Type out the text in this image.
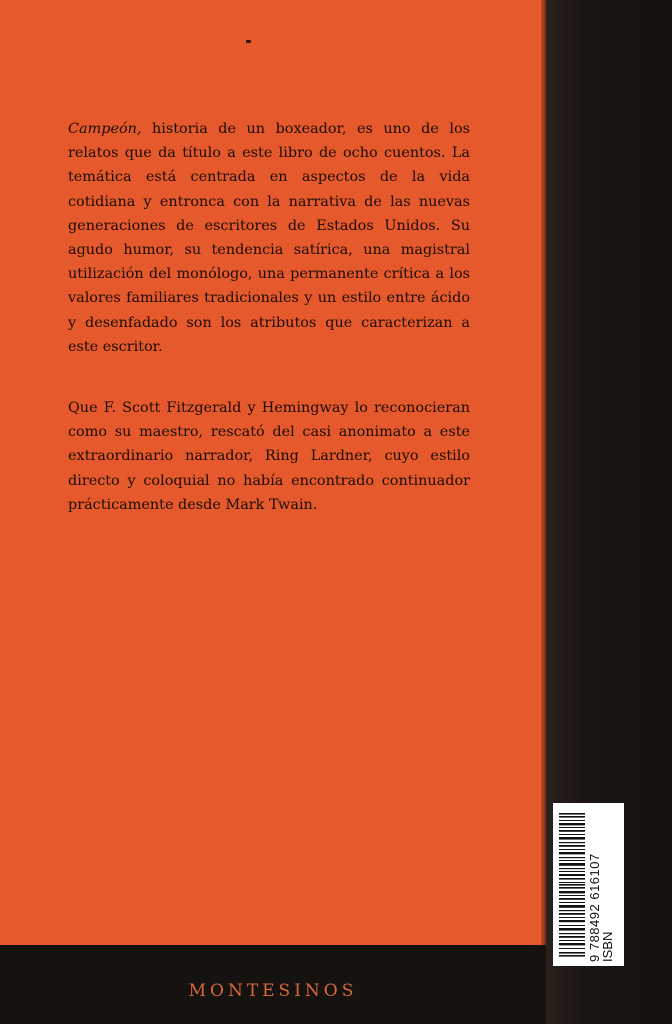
Campeón, historia de un boxeador, es uno de los relatos que da título a este libro de ocho cuentos. La temática está centrada en aspectos de la vida cotidiana y entronca con la narrativa de las nuevas generaciones de escritores de Estados Unidos. Su agudo humor, su tendencia satírica, una magistral utilización del monólogo, una permanente crítica a los valores familiares tradicionales y un estilo entre ácido y desenfadado son los atributos que caracterizan a este escritor.

Que F. Scott Fitzgerald y Hemingway lo reconocieran como su maestro, rescató del casi anonimato a este extraordinario narrador, Ring Lardner, cuyo estilo directo y coloquial no había encontrado continuador prácticamente desde Mark Twain.

MONTESINOS
9 788492 616107
ISBN
